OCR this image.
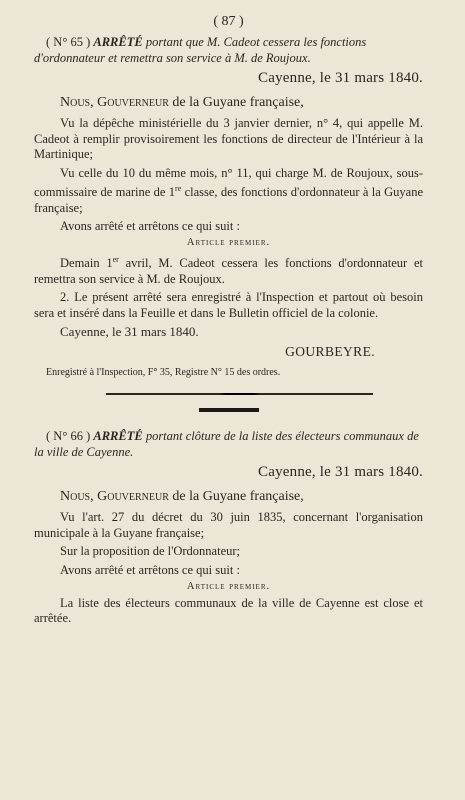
( 87 )

( N° 65 ) ARRÊTÉ portant que M. Cadeot cessera les fonctions d'ordonnateur et remettra son service à M. de Roujoux.

Cayenne, le 31 mars 1840.

Nous, Gouverneur de la Guyane française,

Vu la dépêche ministérielle du 3 janvier dernier, n° 4, qui appelle M. Cadeot à remplir provisoirement les fonctions de directeur de l'Intérieur à la Martinique;

Vu celle du 10 du même mois, n° 11, qui charge M. de Roujoux, sous-commissaire de marine de 1re classe, des fonctions d'ordonnateur à la Guyane française;

Avons arrêté et arrêtons ce qui suit :

Article premier.

Demain 1er avril, M. Cadeot cessera les fonctions d'ordonnateur et remettra son service à M. de Roujoux.

2. Le présent arrêté sera enregistré à l'Inspection et partout où besoin sera et inséré dans la Feuille et dans le Bulletin officiel de la colonie.

Cayenne, le 31 mars 1840.

GOURBEYRE.

Enregistré à l'Inspection, F° 35, Registre N° 15 des ordres.

( N° 66 ) ARRÊTÉ portant clôture de la liste des électeurs communaux de la ville de Cayenne.

Cayenne, le 31 mars 1840.

Nous, Gouverneur de la Guyane française,

Vu l'art. 27 du décret du 30 juin 1835, concernant l'organisation municipale à la Guyane française;

Sur la proposition de l'Ordonnateur;

Avons arrêté et arrêtons ce qui suit :

Article premier.

La liste des électeurs communaux de la ville de Cayenne est close et arrêtée.
